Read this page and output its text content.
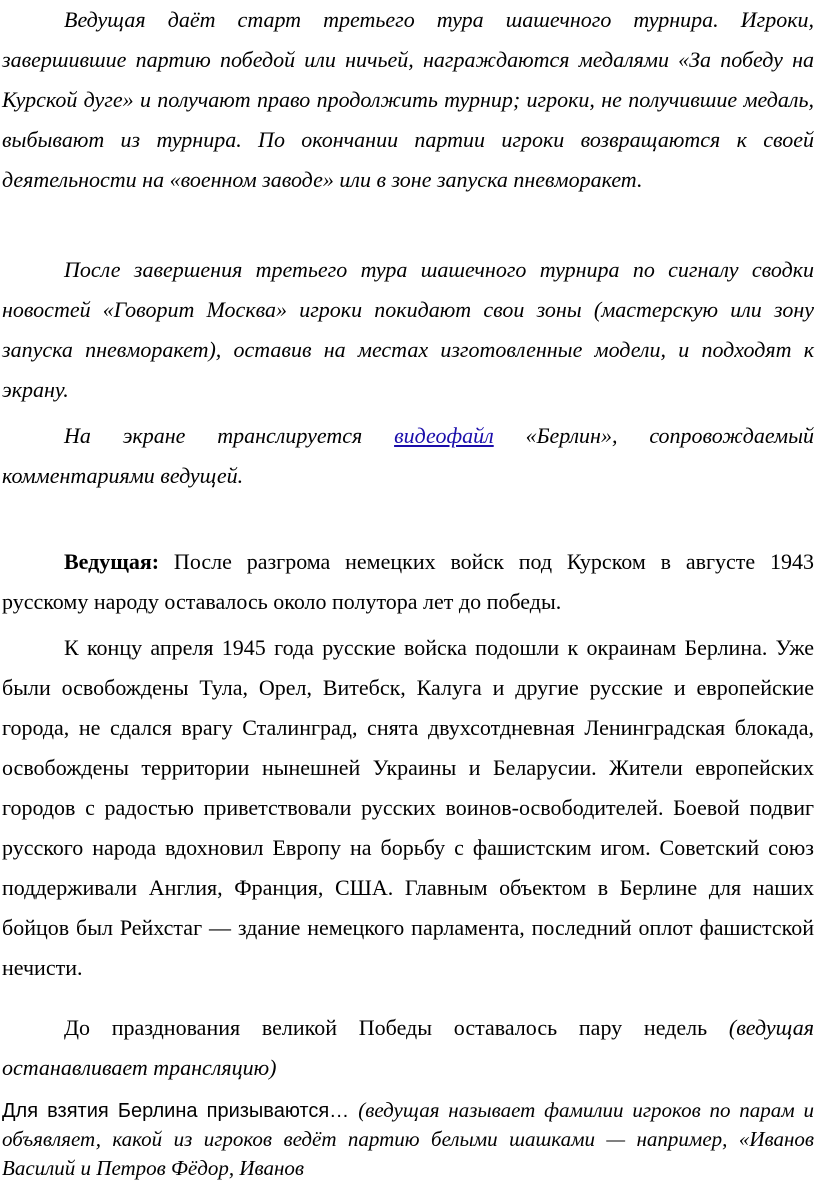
Ведущая даёт старт третьего тура шашечного турнира. Игроки, завершившие партию победой или ничьей, награждаются медалями «За победу на Курской дуге» и получают право продолжить турнир; игроки, не получившие медаль, выбывают из турнира. По окончании партии игроки возвращаются к своей деятельности на «военном заводе» или в зоне запуска пневморакет.

После завершения третьего тура шашечного турнира по сигналу сводки новостей «Говорит Москва» игроки покидают свои зоны (мастерскую или зону запуска пневморакет), оставив на местах изготовленные модели, и подходят к экрану.

На экране транслируется видеофайл «Берлин», сопровождаемый комментариями ведущей.

Ведущая: После разгрома немецких войск под Курском в августе 1943 русскому народу оставалось около полутора лет до победы.

К концу апреля 1945 года русские войска подошли к окраинам Берлина. Уже были освобождены Тула, Орел, Витебск, Калуга и другие русские и европейские города, не сдался врагу Сталинград, снята двухсотдневная Ленинградская блокада, освобождены территории нынешней Украины и Беларусии. Жители европейских городов с радостью приветствовали русских воинов-освободителей. Боевой подвиг русского народа вдохновил Европу на борьбу с фашистским игом. Советский союз поддерживали Англия, Франция, США. Главным объектом в Берлине для наших бойцов был Рейхстаг — здание немецкого парламента, последний оплот фашистской нечисти.

До празднования великой Победы оставалось пару недель (ведущая останавливает трансляцию)

Для взятия Берлина призываются… (ведущая называет фамилии игроков по парам и объявляет, какой из игроков ведёт партию белыми шашками — например, «Иванов Василий и Петров Фёдор, Иванов
